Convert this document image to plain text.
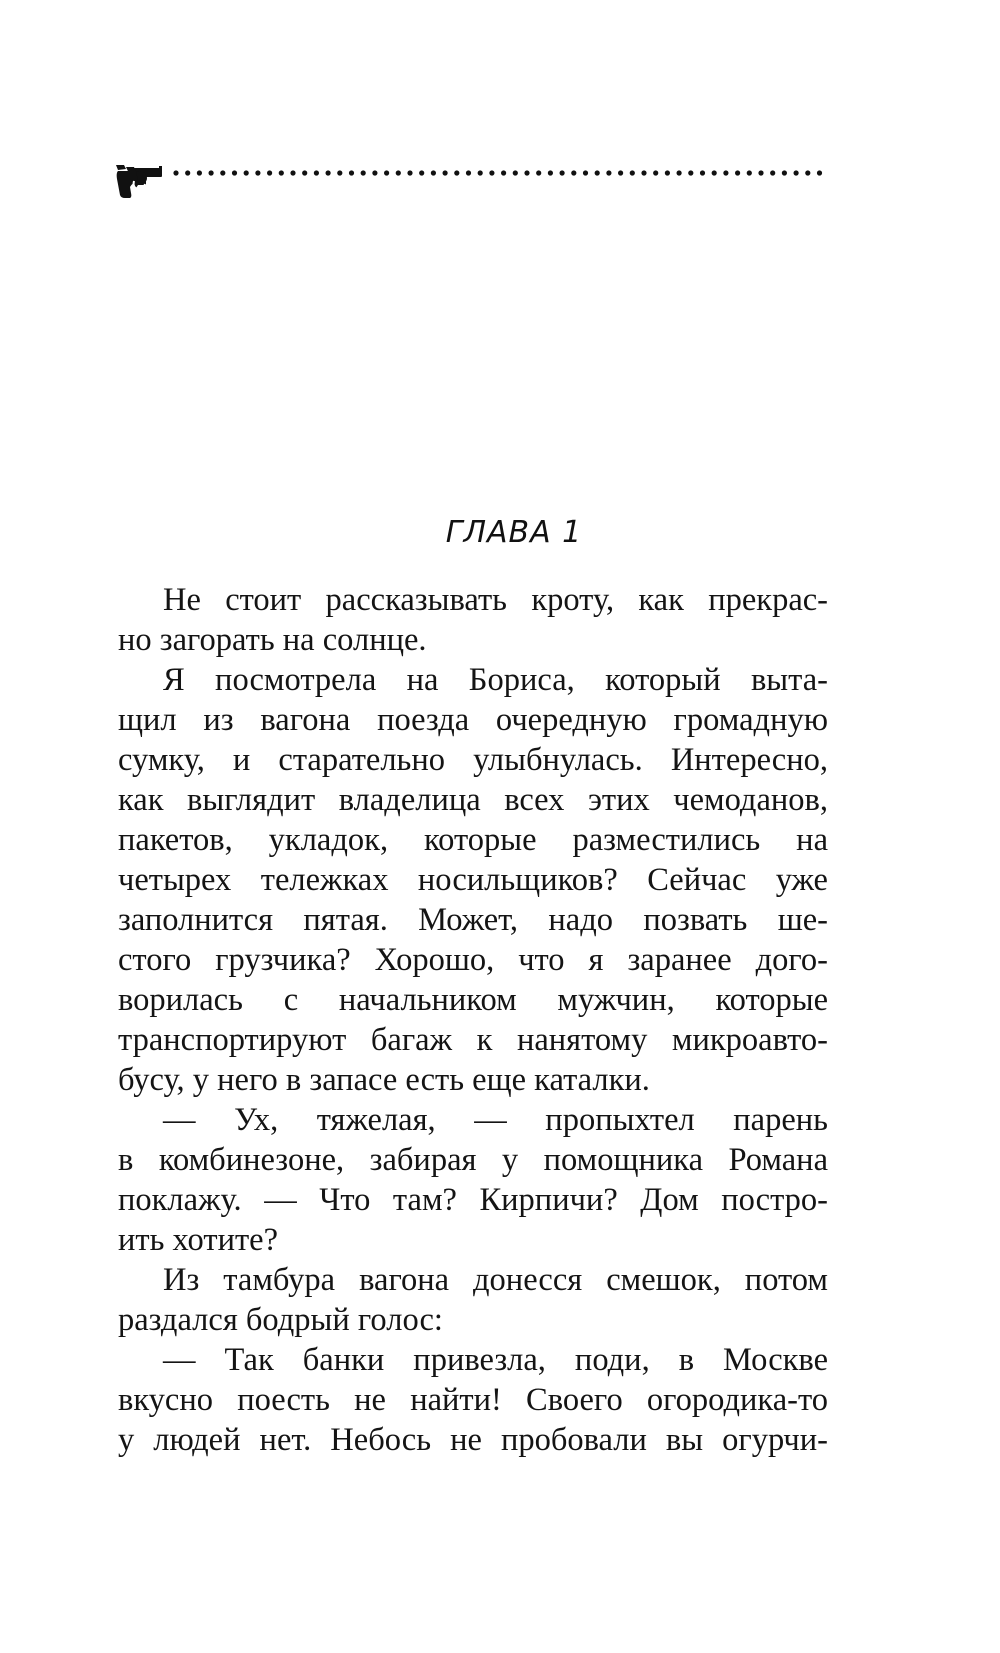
ГЛАВА 1
Не стоит рассказывать кроту, как прекрас-
но загорать на солнце.
Я посмотрела на Бориса, который выта-
щил из вагона поезда очередную громадную
сумку, и старательно улыбнулась. Интересно,
как выглядит владелица всех этих чемоданов,
пакетов, укладок, которые разместились на
четырех тележках носильщиков? Сейчас уже
заполнится пятая. Может, надо позвать ше-
стого грузчика? Хорошо, что я заранее дого-
ворилась с начальником мужчин, которые
транспортируют багаж к нанятому микроавто-
бусу, у него в запасе есть еще каталки.
— Ух, тяжелая, — пропыхтел парень
в комбинезоне, забирая у помощника Романа
поклажу. — Что там? Кирпичи? Дом постро-
ить хотите?
Из тамбура вагона донесся смешок, потом
раздался бодрый голос:
— Так банки привезла, поди, в Москве
вкусно поесть не найти! Своего огородика-то
у людей нет. Небось не пробовали вы огурчи-
